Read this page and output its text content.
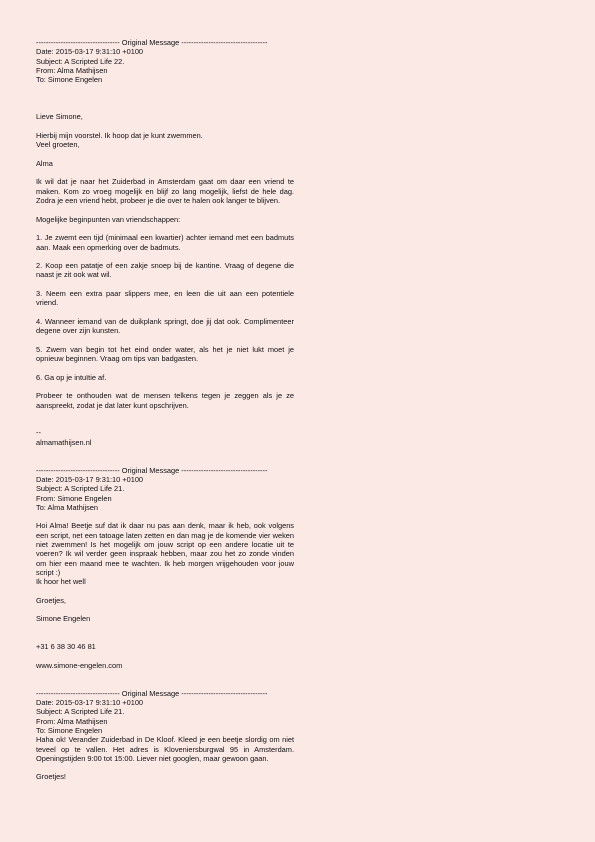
---------------------------------- Original Message -----------------------------------
Date: 2015-03-17 9:31:10 +0100
Subject: A Scripted Life 22.
From: Alma Mathijsen
To: Simone Engelen

Lieve Simone,

Hierbij mijn voorstel. Ik hoop dat je kunt zwemmen.
Veel groeten,

Alma

Ik wil dat je naar het Zuiderbad in Amsterdam gaat om daar een vriend te maken. Kom zo vroeg mogelijk en blijf zo lang mogelijk, liefst de hele dag. Zodra je een vriend hebt, probeer je die over te halen ook langer te blijven.

Mogelijke beginpunten van vriendschappen:

1. Je zwemt een tijd (minimaal een kwartier) achter iemand met een badmuts aan. Maak een opmerking over de badmuts.

2. Koop een patatje of een zakje snoep bij de kantine. Vraag of degene die naast je zit ook wat wil.

3. Neem een extra paar slippers mee, en leen die uit aan een potentiele vriend.

4. Wanneer iemand van de duikplank springt, doe jij dat ook. Complimenteer degene over zijn kunsten.

5. Zwem van begin tot het eind onder water, als het je niet lukt moet je opnieuw beginnen. Vraag om tips van badgasten.

6. Ga op je intuïtie af.

Probeer te onthouden wat de mensen telkens tegen je zeggen als je ze aanspreekt, zodat je dat later kunt opschrijven.

--
almamathijsen.nl
---------------------------------- Original Message -----------------------------------
Date: 2015-03-17 9:31:10 +0100
Subject: A Scripted Life 21.
From: Simone Engelen
To: Alma Mathijsen
Hoi Alma! Beetje suf dat ik daar nu pas aan denk, maar ik heb, ook volgens een script, net een tatoage laten zetten en dan mag je de komende vier weken niet zwemmen! Is het mogelijk om jouw script op een andere locatie uit te voeren? Ik wil verder geen inspraak hebben, maar zou het zo zonde vinden om hier een maand mee te wachten. Ik heb morgen vrijgehouden voor jouw script :)
Ik hoor het well

Groetjes,

Simone Engelen

+31 6 38 30 46 81

www.simone-engelen.com

---------------------------------- Original Message -----------------------------------
Date: 2015-03-17 9:31:10 +0100
Subject: A Scripted Life 21.
From: Alma Mathijsen
To: Simone Engelen

Haha ok! Verander Zuiderbad in De Kloof. Kleed je een beetje slordig om niet teveel op te vallen. Het adres is Kloveniersburgwal 95 in Amsterdam. Openingstijden 9:00 tot 15:00. Liever niet googlen, maar gewoon gaan.

Groetjes!
